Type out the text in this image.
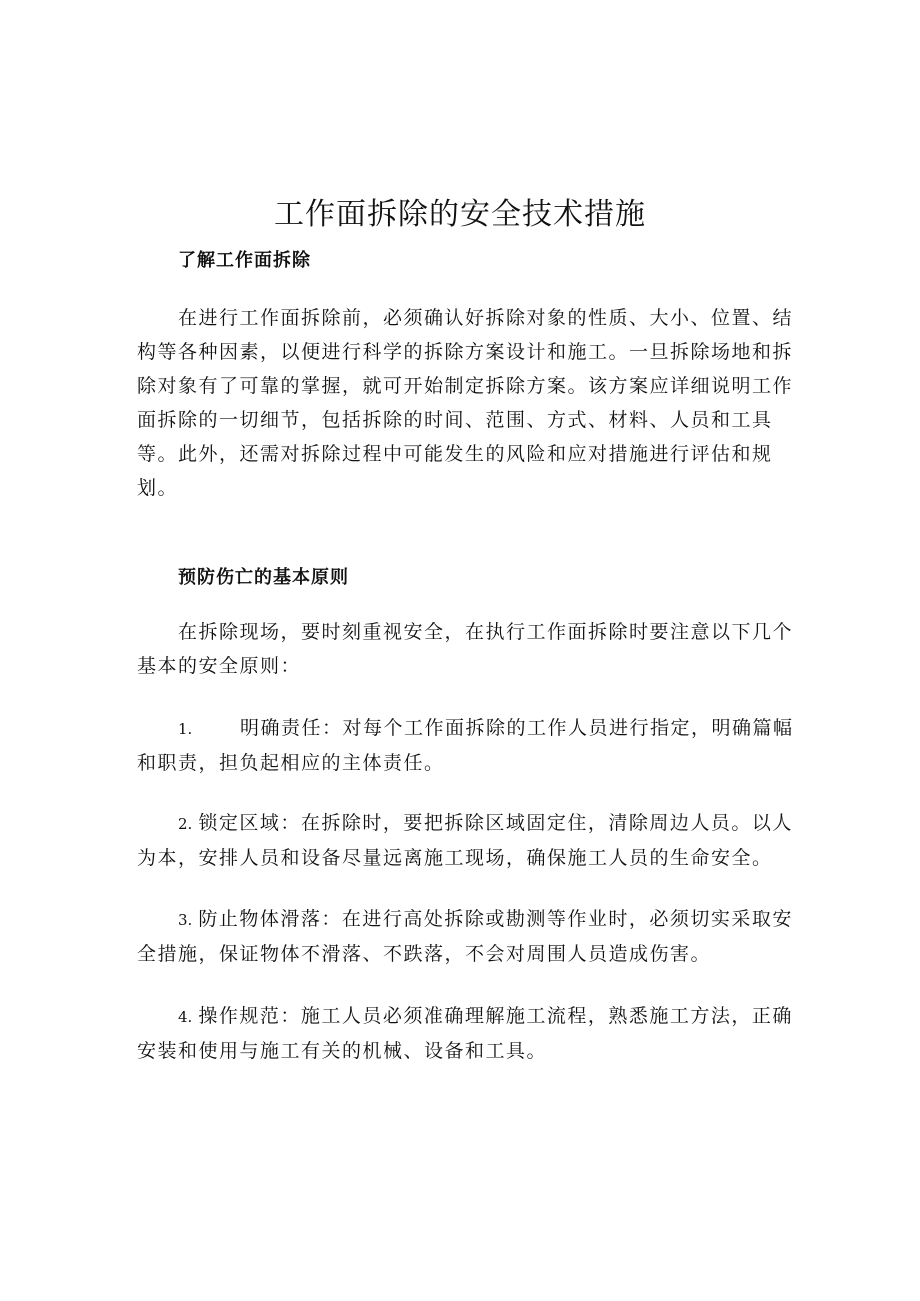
工作面拆除的安全技术措施
了解工作面拆除

在进行工作面拆除前，必须确认好拆除对象的性质、大小、位置、结构等各种因素，以便进行科学的拆除方案设计和施工。一旦拆除场地和拆除对象有了可靠的掌握，就可开始制定拆除方案。该方案应详细说明工作面拆除的一切细节，包括拆除的时间、范围、方式、材料、人员和工具等。此外，还需对拆除过程中可能发生的风险和应对措施进行评估和规划。

预防伤亡的基本原则

在拆除现场，要时刻重视安全，在执行工作面拆除时要注意以下几个基本的安全原则：

1.	明确责任：对每个工作面拆除的工作人员进行指定，明确篇幅和职责，担负起相应的主体责任。

2. 锁定区域：在拆除时，要把拆除区域固定住，清除周边人员。以人为本，安排人员和设备尽量远离施工现场，确保施工人员的生命安全。

3. 防止物体滑落：在进行高处拆除或勘测等作业时，必须切实采取安全措施，保证物体不滑落、不跌落，不会对周围人员造成伤害。

4. 操作规范：施工人员必须准确理解施工流程，熟悉施工方法，正确安装和使用与施工有关的机械、设备和工具。
